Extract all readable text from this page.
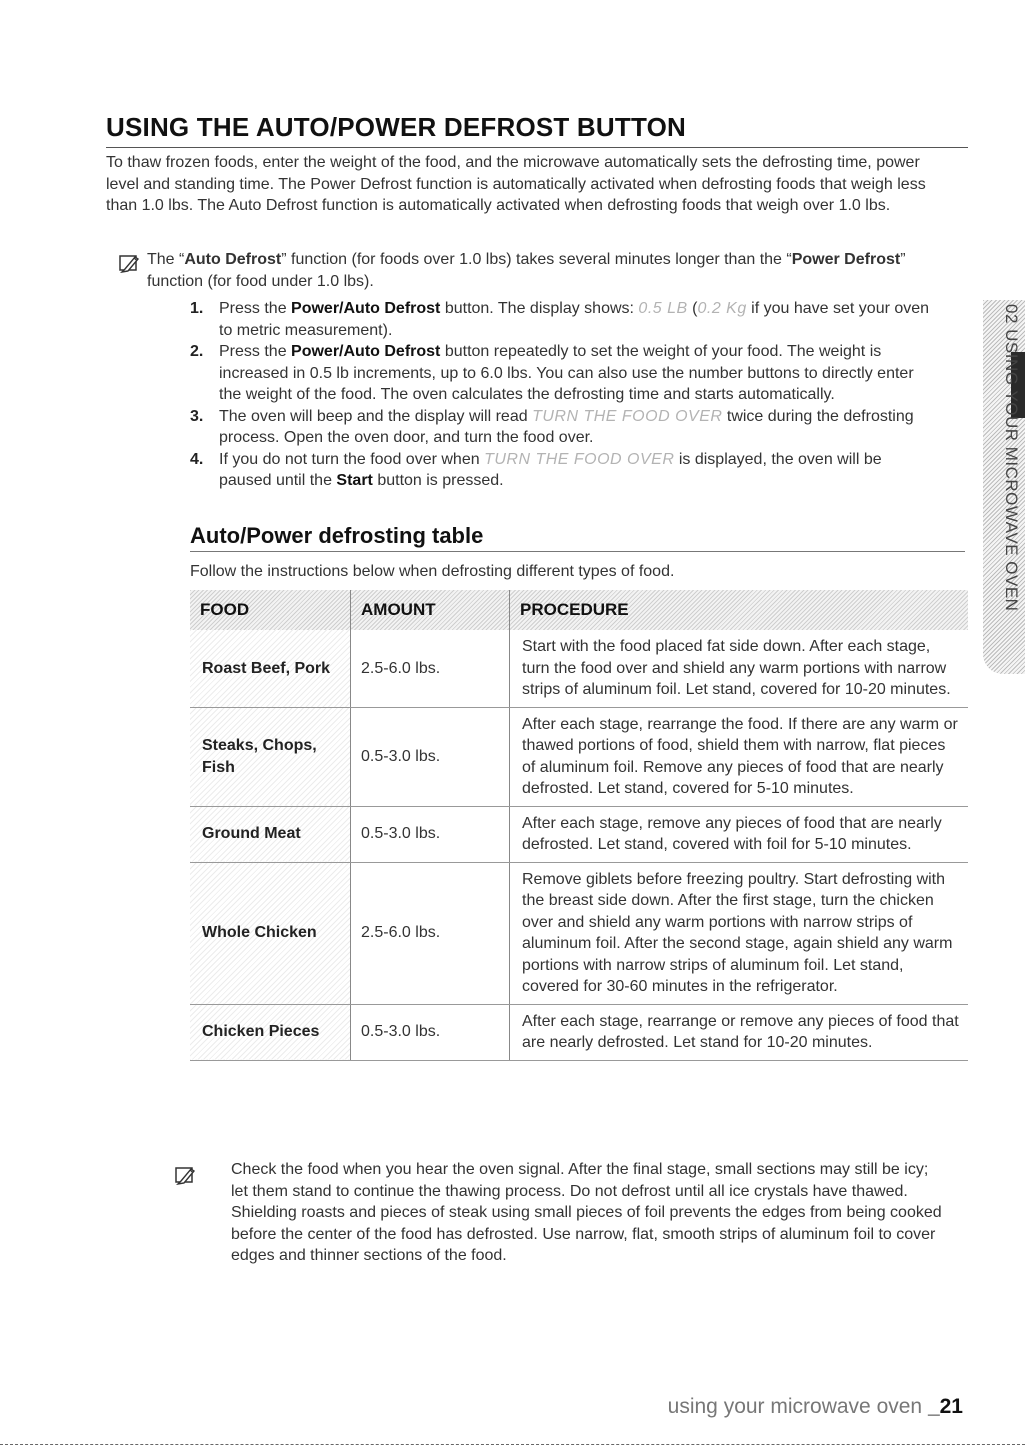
USING THE AUTO/POWER DEFROST BUTTON

To thaw frozen foods, enter the weight of the food, and the microwave automatically sets the defrosting time, power level and standing time. The Power Defrost function is automatically activated when defrosting foods that weigh less than 1.0 lbs. The Auto Defrost function is automatically activated when defrosting foods that weigh over 1.0 lbs.

The “Auto Defrost” function (for foods over 1.0 lbs) takes several minutes longer than the “Power Defrost” function (for food under 1.0 lbs).

1. Press the Power/Auto Defrost button. The display shows: 0.5 LB (0.2 Kg if you have set your oven to metric measurement).
2. Press the Power/Auto Defrost button repeatedly to set the weight of your food. The weight is increased in 0.5 lb increments, up to 6.0 lbs. You can also use the number buttons to directly enter the weight of the food. The oven calculates the defrosting time and starts automatically.
3. The oven will beep and the display will read TURN THE FOOD OVER twice during the defrosting process. Open the oven door, and turn the food over.
4. If you do not turn the food over when TURN THE FOOD OVER is displayed, the oven will be paused until the Start button is pressed.
Auto/Power defrosting table

Follow the instructions below when defrosting different types of food.

FOOD	AMOUNT	PROCEDURE
Roast Beef, Pork	2.5-6.0 lbs.	Start with the food placed fat side down. After each stage, turn the food over and shield any warm portions with narrow strips of aluminum foil. Let stand, covered for 10-20 minutes.
Steaks, Chops, Fish	0.5-3.0 lbs.	After each stage, rearrange the food. If there are any warm or thawed portions of food, shield them with narrow, flat pieces of aluminum foil. Remove any pieces of food that are nearly defrosted. Let stand, covered for 5-10 minutes.
Ground Meat	0.5-3.0 lbs.	After each stage, remove any pieces of food that are nearly defrosted. Let stand, covered with foil for 5-10 minutes.
Whole Chicken	2.5-6.0 lbs.	Remove giblets before freezing poultry. Start defrosting with the breast side down. After the first stage, turn the chicken over and shield any warm portions with narrow strips of aluminum foil. After the second stage, again shield any warm portions with narrow strips of aluminum foil. Let stand, covered for 30-60 minutes in the refrigerator.
Chicken Pieces	0.5-3.0 lbs.	After each stage, rearrange or remove any pieces of food that are nearly defrosted. Let stand for 10-20 minutes.

Check the food when you hear the oven signal. After the final stage, small sections may still be icy; let them stand to continue the thawing process. Do not defrost until all ice crystals have thawed. Shielding roasts and pieces of steak using small pieces of foil prevents the edges from being cooked before the center of the food has defrosted. Use narrow, flat, smooth strips of aluminum foil to cover edges and thinner sections of the food.

02 USING YOUR MICROWAVE OVEN
using your microwave oven _21
